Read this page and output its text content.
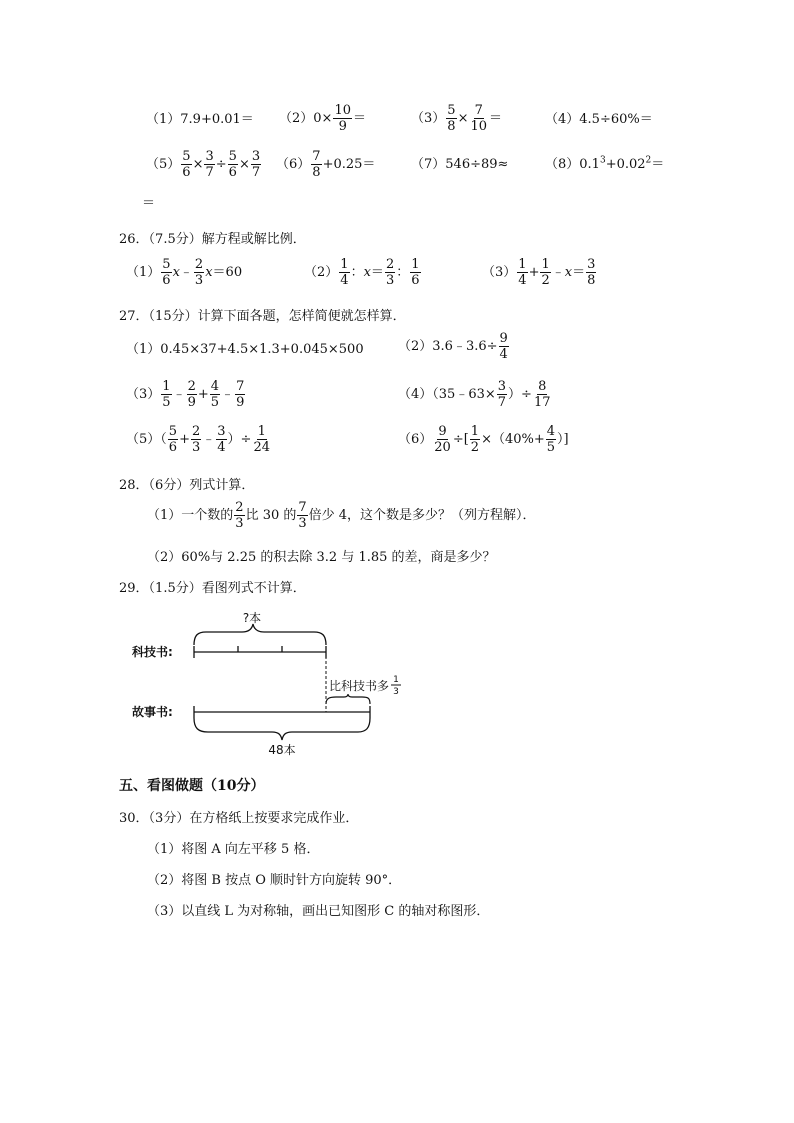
$(1)7.9+0.01= (2)0\times \frac{10}{9}$ ＝	$(3) \frac{5}{8} \times \frac{7}{10}$ ＝	（4）4.5÷60%＝
$(5) \frac{5}{6} \times \frac{3}{7} \div \frac{5}{6} \times \frac{3}{7} (6) \frac{7}{8} +0.25=$	（7）546÷89≈	$(8)0.1^3+0.02^2=$
＝
26．（7.5分）解方程或解比例．
$(1) \frac{5}{6}$ x﹣ $\frac{2}{3} x=60$	$(2) \frac{1}{4}$ ：$x= \frac{2}{3}$ ： $\frac{1}{6}$	$(3) \frac{1}{4} + \frac{1}{2}$ ﹣x＝ $\frac{3}{8}$
27．（15分）计算下面各题，怎样简便就怎样算．
（1）0.45×37+4.5×1.3+0.045×500	（2）3.6﹣3.6÷ $\frac{9}{4}$
$(3) \frac{1}{5}$ ﹣ $\frac{2}{9} + \frac{4}{5}$ ﹣ $\frac{7}{9}$	（4）（35﹣63× $\frac{3}{7}$ ）÷ $\frac{8}{17}$
$(5)( \frac{5}{6} + \frac{2}{3}$ ﹣ $\frac{3}{4}$ ）÷ $\frac{1}{24}$	$(6) \frac{9}{20}$ ÷[ $\frac{1}{2} \times(40\%+ \frac{4}{5}$ ）]
28．（6分）列式计算．
（1）一个数的 $\frac{2}{3}$ 比 30 的 $\frac{7}{3}$ 倍少 4，这个数是多少？（列方程解）．
（2）60%与 2.25 的积去除 3.2 与 1.85 的差，商是多少？
29．（1.5分）看图列式不计算．
?本
科技书:
比科技书多 1
3
故事书:
48本
五、看图做题（10分）
30．（3分）在方格纸上按要求完成作业．
（1）将图 A 向左平移 5 格．
（2）将图 B 按点 O 顺时针方向旋转 90°．
（3）以直线 L 为对称轴，画出已知图形 C 的轴对称图形．
